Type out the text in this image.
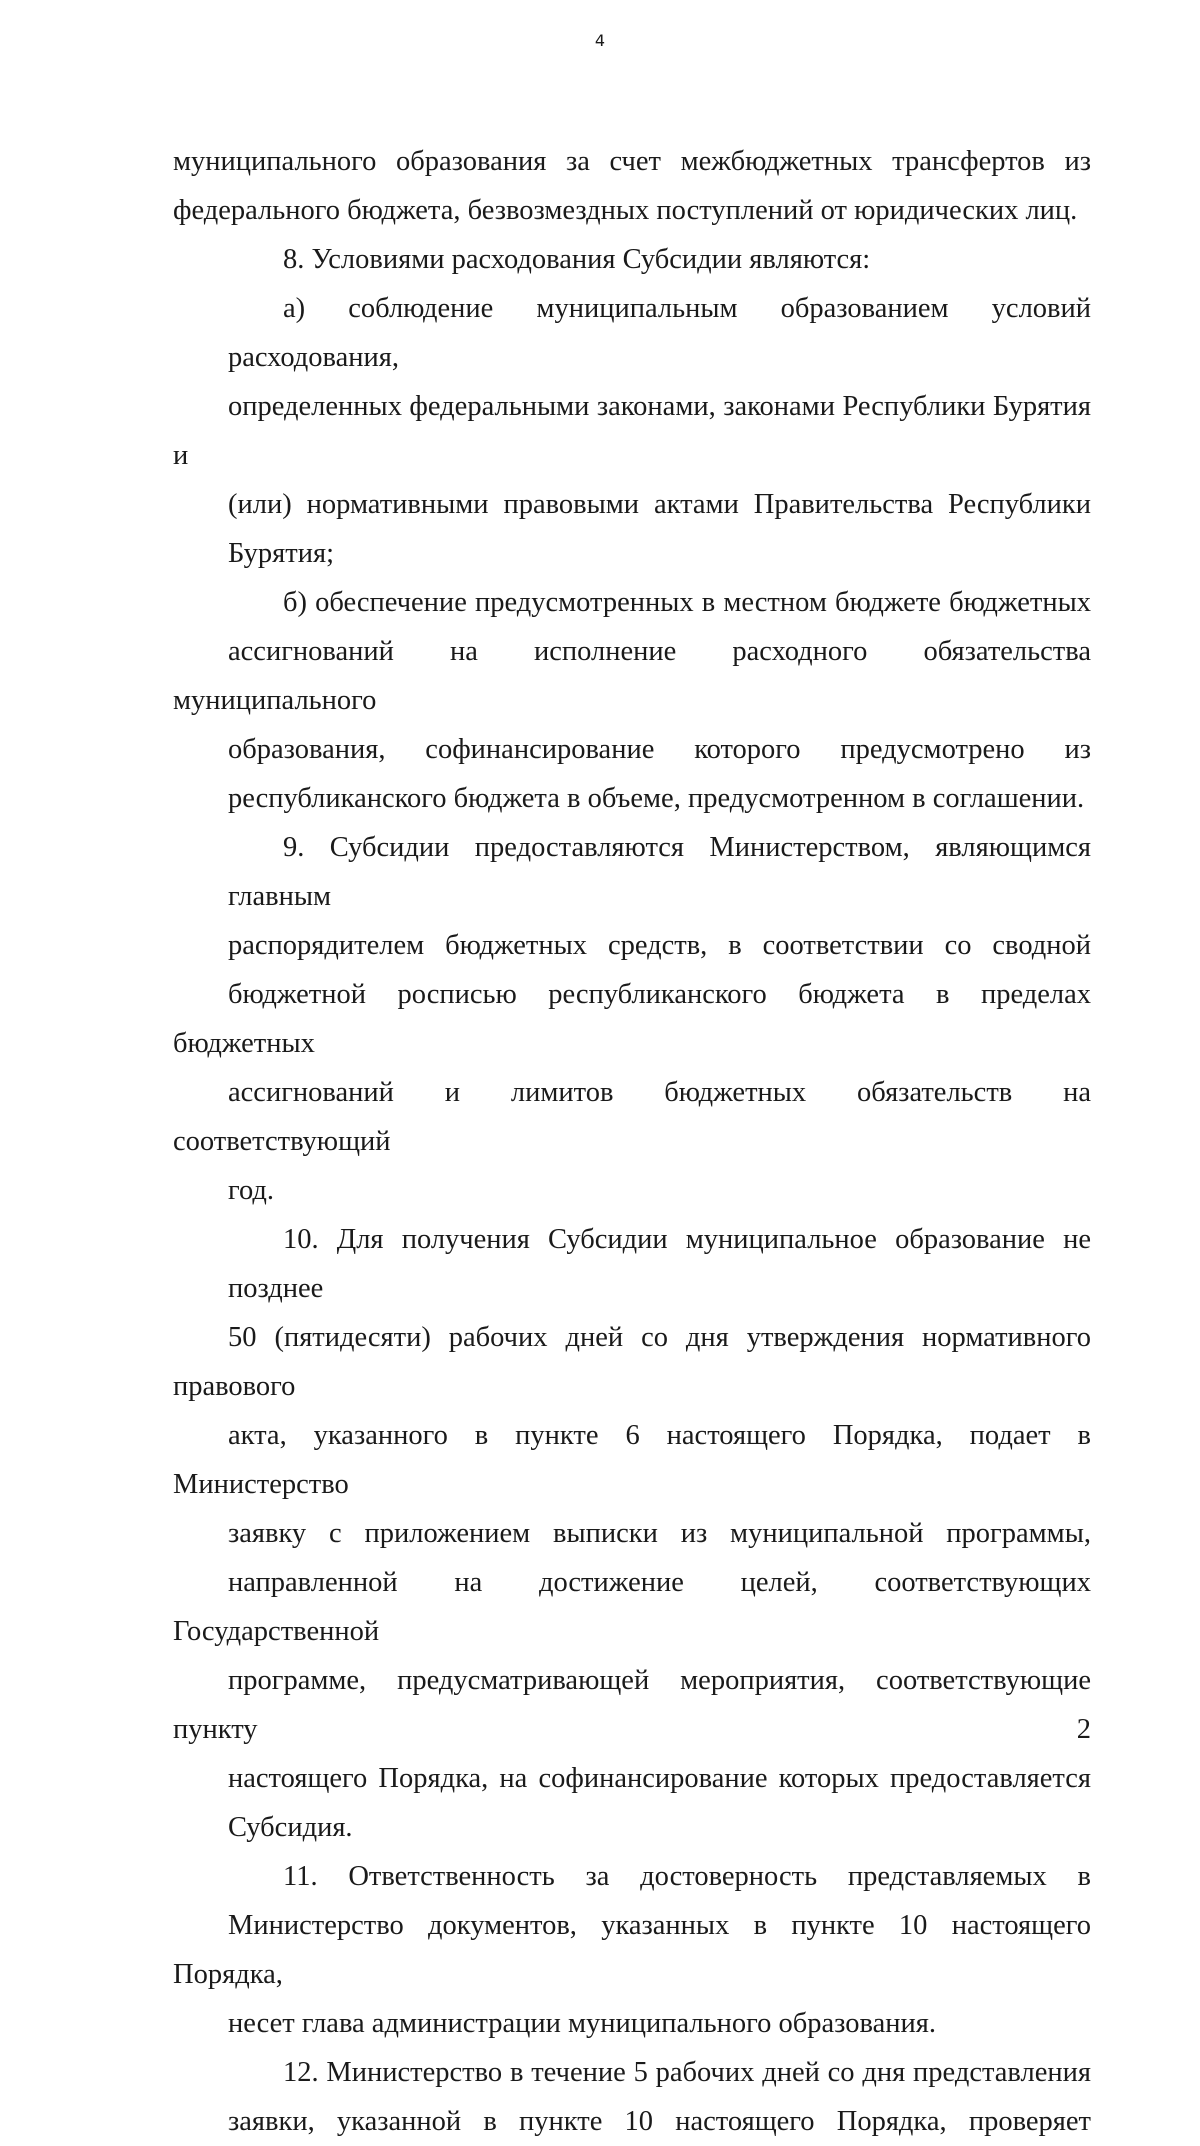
4
муниципального образования за счет межбюджетных трансфертов из
федерального бюджета, безвозмездных поступлений от юридических лиц.
8. Условиями расходования Субсидии являются:
а) соблюдение муниципальным образованием условий расходования,
определенных федеральными законами, законами Республики Бурятия и
(или) нормативными правовыми актами Правительства Республики
Бурятия;
б) обеспечение предусмотренных в местном бюджете бюджетных
ассигнований на исполнение расходного обязательства муниципального
образования, софинансирование которого предусмотрено из
республиканского бюджета в объеме, предусмотренном в соглашении.
9. Субсидии предоставляются Министерством, являющимся главным
распорядителем бюджетных средств, в соответствии со сводной
бюджетной росписью республиканского бюджета в пределах бюджетных
ассигнований и лимитов бюджетных обязательств на соответствующий
год.
10. Для получения Субсидии муниципальное образование не позднее
50 (пятидесяти) рабочих дней со дня утверждения нормативного правового
акта, указанного в пункте 6 настоящего Порядка, подает в Министерство
заявку с приложением выписки из муниципальной программы,
направленной на достижение целей, соответствующих Государственной
программе, предусматривающей мероприятия, соответствующие пункту 2
настоящего Порядка, на софинансирование которых предоставляется
Субсидия.
11. Ответственность за достоверность представляемых в
Министерство документов, указанных в пункте 10 настоящего Порядка,
несет глава администрации муниципального образования.
12. Министерство в течение 5 рабочих дней со дня представления
заявки, указанной в пункте 10 настоящего Порядка, проверяет
